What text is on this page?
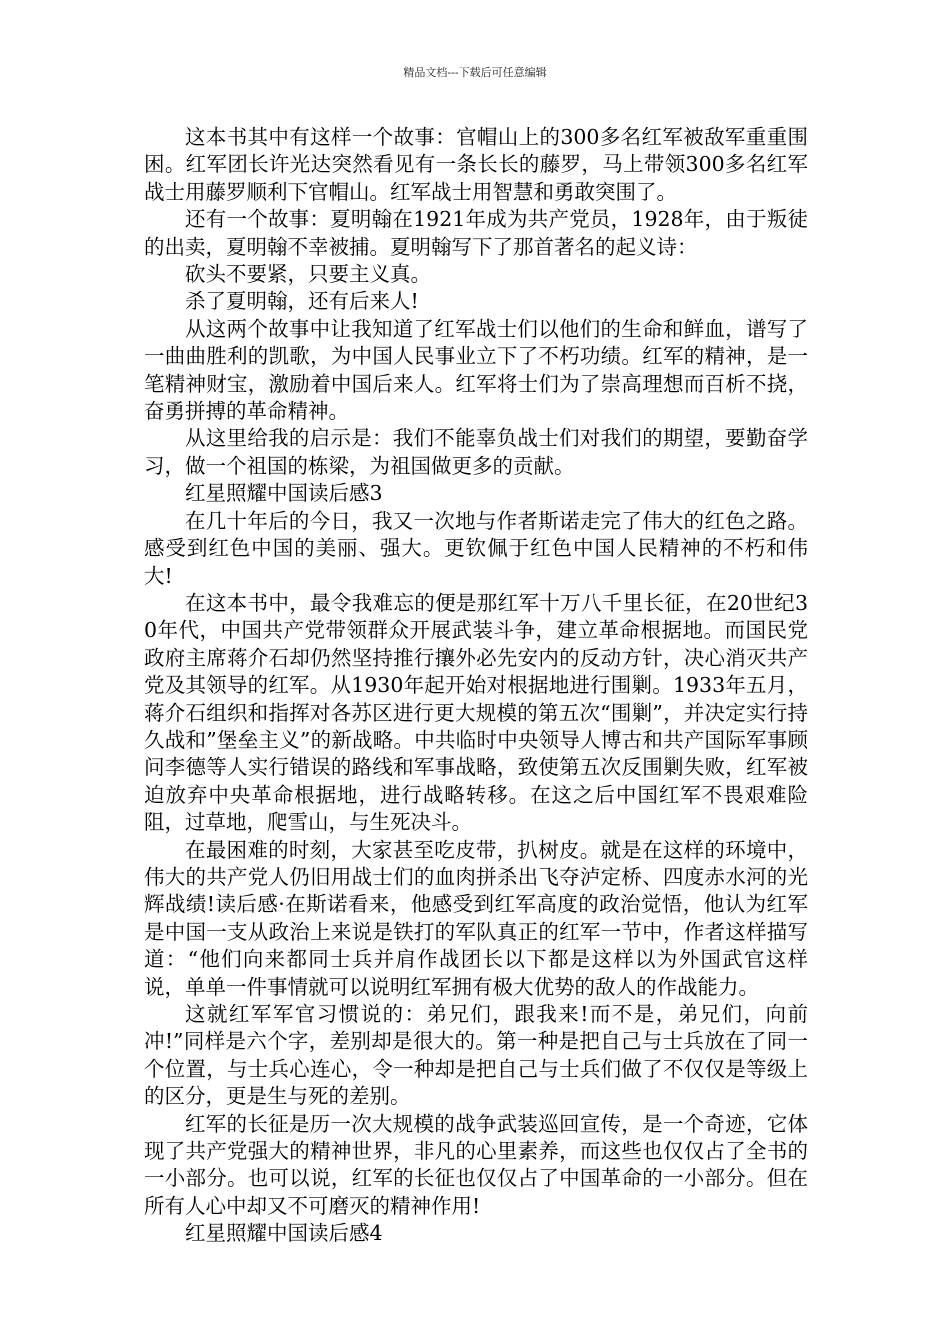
精品文档---下载后可任意编辑

这本书其中有这样一个故事：官帽山上的300多名红军被敌军重重围困。红军团长许光达突然看见有一条长长的藤罗，马上带领300多名红军战士用藤罗顺利下官帽山。红军战士用智慧和勇敢突围了。

还有一个故事：夏明翰在1921年成为共产党员，1928年，由于叛徒的出卖，夏明翰不幸被捕。夏明翰写下了那首著名的起义诗：

砍头不要紧，只要主义真。

杀了夏明翰，还有后来人!

从这两个故事中让我知道了红军战士们以他们的生命和鲜血，谱写了一曲曲胜利的凯歌，为中国人民事业立下了不朽功绩。红军的精神，是一笔精神财宝，激励着中国后来人。红军将士们为了崇高理想而百析不挠，奋勇拼搏的革命精神。

从这里给我的启示是：我们不能辜负战士们对我们的期望，要勤奋学习，做一个祖国的栋梁，为祖国做更多的贡献。

红星照耀中国读后感3

在几十年后的今日，我又一次地与作者斯诺走完了伟大的红色之路。感受到红色中国的美丽、强大。更钦佩于红色中国人民精神的不朽和伟大!

在这本书中，最令我难忘的便是那红军十万八千里长征，在20世纪30年代，中国共产党带领群众开展武装斗争，建立革命根据地。而国民党政府主席蒋介石却仍然坚持推行攘外必先安内的反动方针，决心消灭共产党及其领导的红军。从1930年起开始对根据地进行围剿。1933年五月，蒋介石组织和指挥对各苏区进行更大规模的第五次“围剿”，并决定实行持久战和”堡垒主义”的新战略。中共临时中央领导人博古和共产国际军事顾问李德等人实行错误的路线和军事战略，致使第五次反围剿失败，红军被迫放弃中央革命根据地，进行战略转移。在这之后中国红军不畏艰难险阻，过草地，爬雪山，与生死决斗。

在最困难的时刻，大家甚至吃皮带，扒树皮。就是在这样的环境中，伟大的共产党人仍旧用战士们的血肉拼杀出飞夺泸定桥、四度赤水河的光辉战绩!读后感·在斯诺看来，他感受到红军高度的政治觉悟，他认为红军是中国一支从政治上来说是铁打的军队真正的红军一节中，作者这样描写道：“他们向来都同士兵并肩作战团长以下都是这样以为外国武官这样说，单单一件事情就可以说明红军拥有极大优势的敌人的作战能力。

这就红军军官习惯说的：弟兄们，跟我来!而不是，弟兄们，向前冲!”同样是六个字，差别却是很大的。第一种是把自己与士兵放在了同一个位置，与士兵心连心，令一种却是把自己与士兵们做了不仅仅是等级上的区分，更是生与死的差别。

红军的长征是历一次大规模的战争武装巡回宣传，是一个奇迹，它体现了共产党强大的精神世界，非凡的心里素养，而这些也仅仅占了全书的一小部分。也可以说，红军的长征也仅仅占了中国革命的一小部分。但在所有人心中却又不可磨灭的精神作用!

红星照耀中国读后感4
